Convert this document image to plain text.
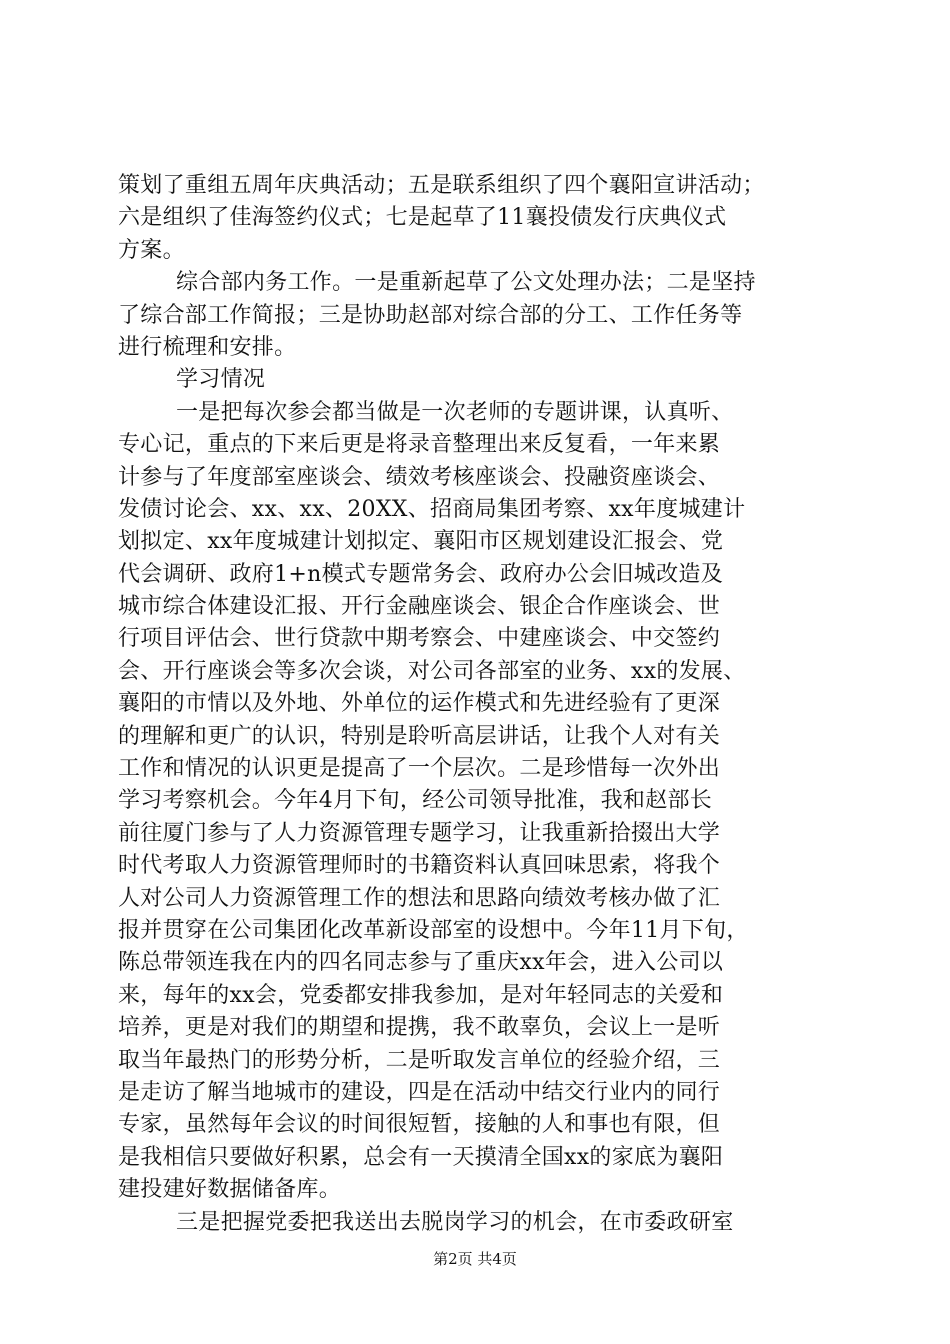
策划了重组五周年庆典活动；五是联系组织了四个襄阳宣讲活动；
六是组织了佳海签约仪式；七是起草了11襄投债发行庆典仪式
方案。
综合部内务工作。一是重新起草了公文处理办法；二是坚持
了综合部工作简报；三是协助赵部对综合部的分工、工作任务等
进行梳理和安排。
学习情况
一是把每次参会都当做是一次老师的专题讲课，认真听、
专心记，重点的下来后更是将录音整理出来反复看，一年来累
计参与了年度部室座谈会、绩效考核座谈会、投融资座谈会、
发债讨论会、xx、xx、20XX、招商局集团考察、xx年度城建计
划拟定、xx年度城建计划拟定、襄阳市区规划建设汇报会、党
代会调研、政府1+n模式专题常务会、政府办公会旧城改造及
城市综合体建设汇报、开行金融座谈会、银企合作座谈会、世
行项目评估会、世行贷款中期考察会、中建座谈会、中交签约
会、开行座谈会等多次会谈，对公司各部室的业务、xx的发展、
襄阳的市情以及外地、外单位的运作模式和先进经验有了更深
的理解和更广的认识，特别是聆听高层讲话，让我个人对有关
工作和情况的认识更是提高了一个层次。二是珍惜每一次外出
学习考察机会。今年4月下旬，经公司领导批准，我和赵部长
前往厦门参与了人力资源管理专题学习，让我重新拾掇出大学
时代考取人力资源管理师时的书籍资料认真回味思索，将我个
人对公司人力资源管理工作的想法和思路向绩效考核办做了汇
报并贯穿在公司集团化改革新设部室的设想中。今年11月下旬，
陈总带领连我在内的四名同志参与了重庆xx年会，进入公司以
来，每年的xx会，党委都安排我参加，是对年轻同志的关爱和
培养，更是对我们的期望和提携，我不敢辜负，会议上一是听
取当年最热门的形势分析，二是听取发言单位的经验介绍，三
是走访了解当地城市的建设，四是在活动中结交行业内的同行
专家，虽然每年会议的时间很短暂，接触的人和事也有限，但
是我相信只要做好积累，总会有一天摸清全国xx的家底为襄阳
建投建好数据储备库。
三是把握党委把我送出去脱岗学习的机会，在市委政研室
第2页 共4页
